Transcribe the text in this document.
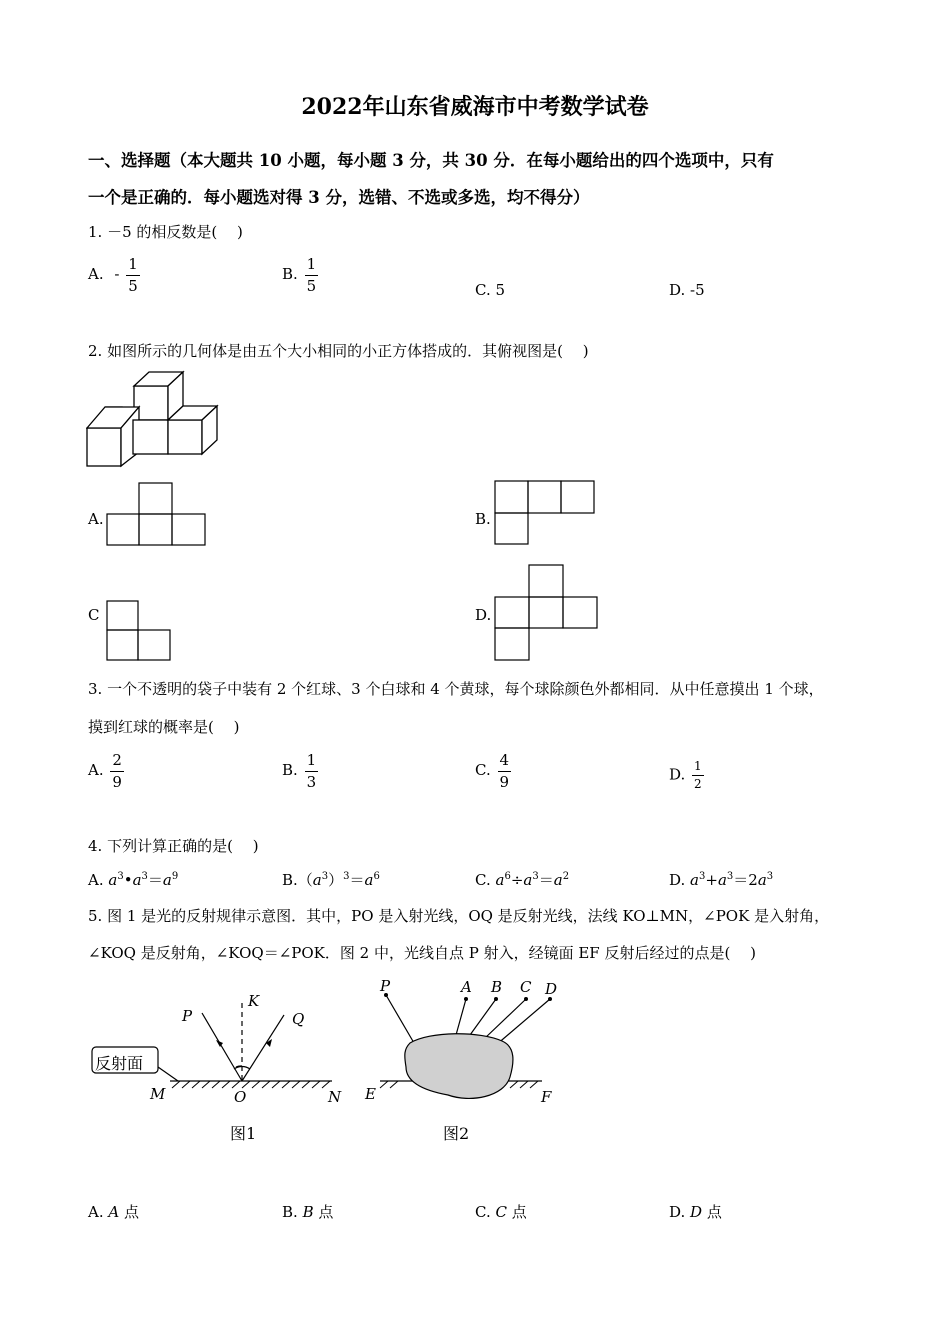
2022年山东省威海市中考数学试卷
一、选择题（本大题共 10 小题，每小题 3 分，共 30 分．在每小题给出的四个选项中，只有
一个是正确的．每小题选对得 3 分，选错、不选或多选，均不得分）
1. －5 的相反数是(　 )
A. - $\frac{1}{5}$	B. $\frac{1}{5}$	C. 5	D. -5
2. 如图所示的几何体是由五个大小相同的小正方体搭成的．其俯视图是(　 )
A.	B.
C	D.
3. 一个不透明的袋子中装有 2 个红球、3 个白球和 4 个黄球，每个球除颜色外都相同．从中任意摸出 1 个球，
摸到红球的概率是(　 )
A. $\frac{2}{9}$	B. $\frac{1}{3}$	C. $\frac{4}{9}$	D. $\frac{1}{2}$
4. 下列计算正确的是(　 )
A. $a^3•a^3=a^9$	$B.(a^3)^3=a^6$	C. $a^6\div a^3=a^2$	D. $a^3+a^3=2a^3$
5. 图 1 是光的反射规律示意图．其中，PO 是入射光线，OQ 是反射光线，法线 KO⊥MN，∠POK 是入射角，
∠KOQ 是反射角，∠KOQ＝∠POK．图 2 中，光线自点 P 射入，经镜面 EF 反射后经过的点是(　 )
反射面
P
K
Q
M	O	N
图1
P	A B C D
E	F
图2
A. A 点	B. B 点	C. C 点	D. D 点
